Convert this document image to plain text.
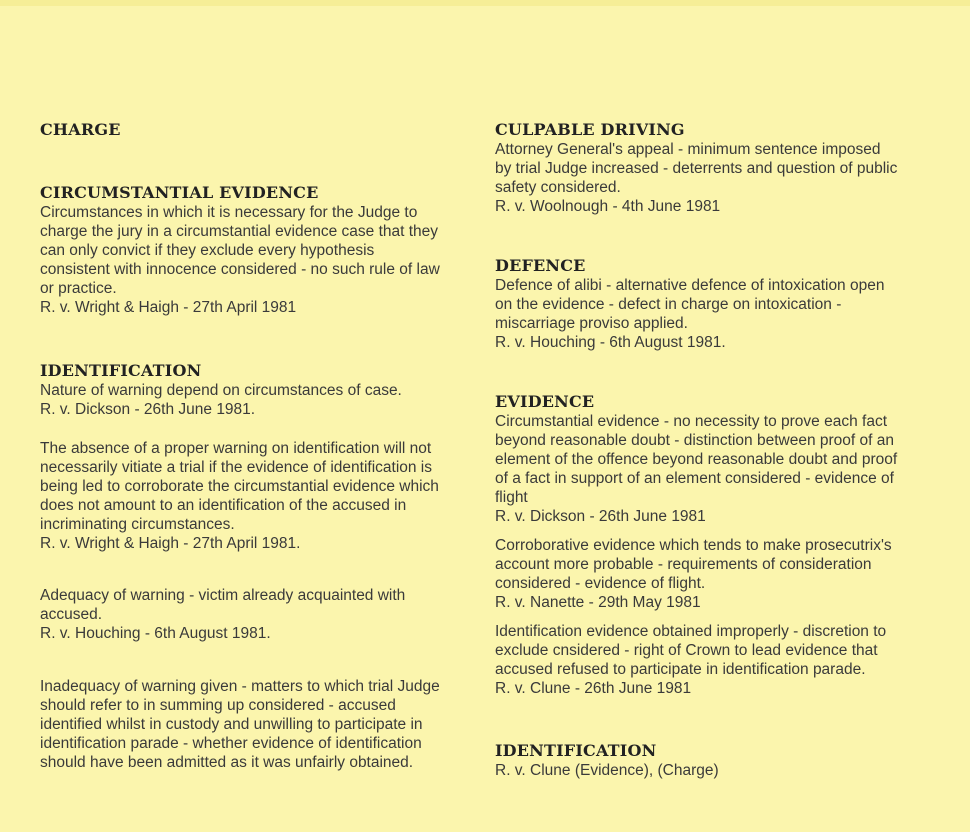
CHARGE
CIRCUMSTANTIAL EVIDENCE

Circumstances in which it is necessary for the Judge to charge the jury in a circumstantial evidence case that they can only convict if they exclude every hypothesis consistent with innocence considered - no such rule of law or practice.

R. v. Wright & Haigh - 27th April 1981

IDENTIFICATION

Nature of warning depend on circumstances of case.

R. v. Dickson - 26th June 1981.

The absence of a proper warning on identification will not necessarily vitiate a trial if the evidence of identification is being led to corroborate the circumstantial evidence which does not amount to an identification of the accused in incriminating circumstances.

R. v. Wright & Haigh - 27th April 1981.

Adequacy of warning - victim already acquainted with accused.

R. v. Houching - 6th August 1981.

Inadequacy of warning given - matters to which trial Judge should refer to in summing up considered - accused identified whilst in custody and unwilling to participate in identification parade - whether evidence of identification should have been admitted as it was unfairly obtained.

CULPABLE DRIVING

Attorney General's appeal - minimum sentence imposed by trial Judge increased - deterrents and question of public safety considered.

R. v. Woolnough - 4th June 1981

DEFENCE

Defence of alibi - alternative defence of intoxication open on the evidence - defect in charge on intoxication - miscarriage proviso applied.

R. v. Houching - 6th August 1981.

EVIDENCE

Circumstantial evidence - no necessity to prove each fact beyond reasonable doubt - distinction between proof of an element of the offence beyond reasonable doubt and proof of a fact in support of an element considered - evidence of flight

R. v. Dickson - 26th June 1981

Corroborative evidence which tends to make prosecutrix's account more probable - requirements of consideration considered - evidence of flight.

R. v. Nanette - 29th May 1981

Identification evidence obtained improperly - discretion to exclude cnsidered - right of Crown to lead evidence that accused refused to participate in identification parade.

R. v. Clune - 26th June 1981

IDENTIFICATION

R. v. Clune (Evidence), (Charge)
